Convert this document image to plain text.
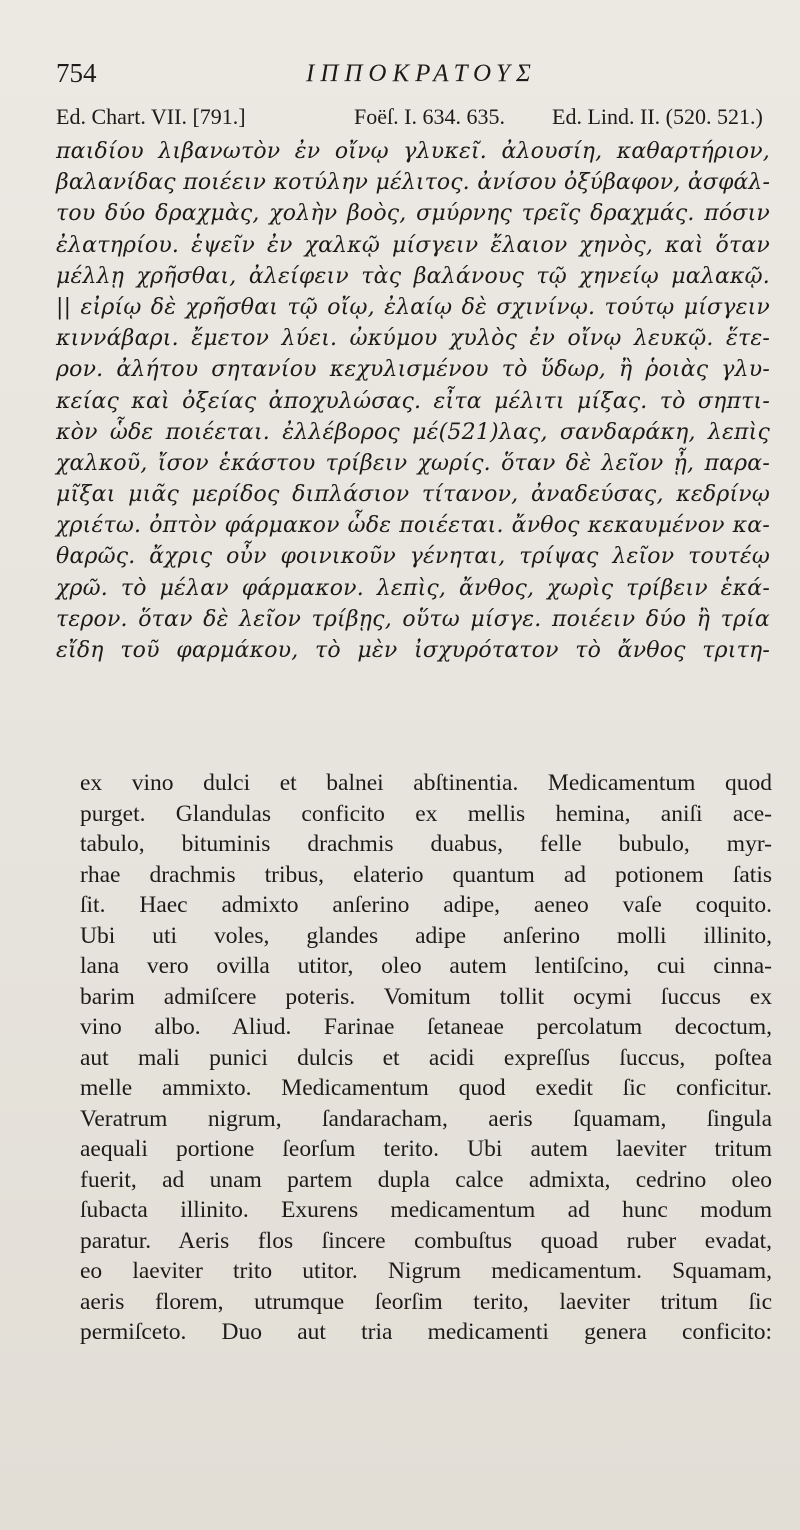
754	ΙΠΠΟΚΡΑΤΟΥΣ
Ed. Chart. VII. [791.]	Foëſ. I. 634. 635. Ed. Lind. II. (520. 521.)
παιδίου λιβανωτὸν ἐν οἴνῳ γλυκεῖ. ἀλουσίη, καθαρτήριον,
βαλανίδας ποιέειν κοτύλην μέλιτος. ἀνίσου ὀξύβαφον, ἀσφάλ-
του δύο δραχμὰς, χολὴν βοὸς, σμύρνης τρεῖς δραχμάς. πόσιν
ἐλατηρίου. ἑψεῖν ἐν χαλκῷ μίσγειν ἔλαιον χηνὸς, καὶ ὅταν
μέλλῃ χρῆσθαι, ἀλείφειν τὰς βαλάνους τῷ χηνείῳ μαλακῷ.
|| εἰρίῳ δὲ χρῆσθαι τῷ οἴῳ, ἐλαίῳ δὲ σχινίνῳ. τούτῳ μίσγειν
κιννάβαρι. ἔμετον λύει. ὠκύμου χυλὸς ἐν οἴνῳ λευκῷ. ἕτε-
ρον. ἀλήτου σητανίου κεχυλισμένου τὸ ὕδωρ, ἢ ῥοιὰς γλυ-
κείας καὶ ὀξείας ἀποχυλώσας. εἶτα μέλιτι μίξας. τὸ σηπτι-
κὸν ὧδε ποιέεται. ἐλλέβορος μέ(521)λας, σανδαράκη, λεπὶς
χαλκοῦ, ἴσον ἑκάστου τρίβειν χωρίς. ὅταν δὲ λεῖον ᾖ, παρα-
μῖξαι μιᾶς μερίδος διπλάσιον τίτανον, ἀναδεύσας, κεδρίνῳ
χριέτω. ὀπτὸν φάρμακον ὧδε ποιέεται. ἄνθος κεκαυμένον κα-
θαρῶς. ἄχρις οὖν φοινικοῦν γένηται, τρίψας λεῖον τουτέῳ
χρῶ. τὸ μέλαν φάρμακον. λεπὶς, ἄνθος, χωρὶς τρίβειν ἑκά-
τερον. ὅταν δὲ λεῖον τρίβῃς, οὕτω μίσγε. ποιέειν δύο ἢ τρία
εἴδη τοῦ φαρμάκου, τὸ μὲν ἰσχυρότατον τὸ ἄνθος τριτη-
ex vino dulci et balnei abſtinentia. Medicamentum quod
purget. Glandulas conficito ex mellis hemina, aniſi ace-
tabulo, bituminis drachmis duabus, felle bubulo, myr-
rhae drachmis tribus, elaterio quantum ad potionem ſatis
ſit. Haec admixto anſerino adipe, aeneo vaſe coquito.
Ubi uti voles, glandes adipe anſerino molli illinito,
lana vero ovilla utitor, oleo autem lentiſcino, cui cinna-
barim admiſcere poteris. Vomitum tollit ocymi ſuccus ex
vino albo. Aliud. Farinae ſetaneae percolatum decoctum,
aut mali punici dulcis et acidi expreſſus ſuccus, poſtea
melle ammixto. Medicamentum quod exedit ſic conficitur.
Veratrum nigrum, ſandaracham, aeris ſquamam, ſingula
aequali portione ſeorſum terito. Ubi autem laeviter tritum
fuerit, ad unam partem dupla calce admixta, cedrino oleo
ſubacta illinito. Exurens medicamentum ad hunc modum
paratur. Aeris flos ſincere combuſtus quoad ruber evadat,
eo laeviter trito utitor. Nigrum medicamentum. Squamam,
aeris florem, utrumque ſeorſim terito, laeviter tritum ſic
permiſceto. Duo aut tria medicamenti genera conficito:
